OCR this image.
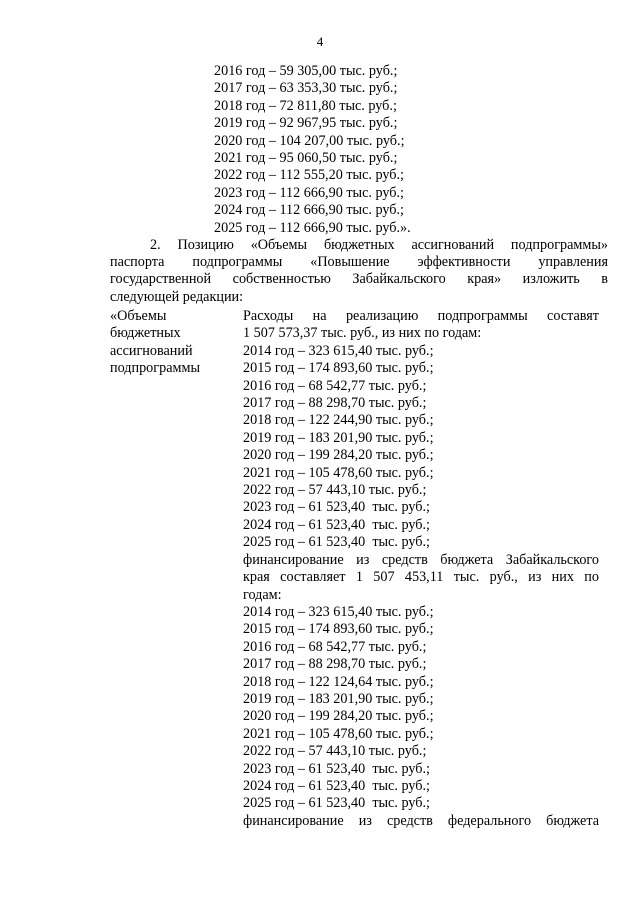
4
2016 год – 59 305,00 тыс. руб.;
2017 год – 63 353,30 тыс. руб.;
2018 год – 72 811,80 тыс. руб.;
2019 год – 92 967,95 тыс. руб.;
2020 год – 104 207,00 тыс. руб.;
2021 год – 95 060,50 тыс. руб.;
2022 год – 112 555,20 тыс. руб.;
2023 год – 112 666,90 тыс. руб.;
2024 год – 112 666,90 тыс. руб.;
2025 год – 112 666,90 тыс. руб.».
2. Позицию «Объемы бюджетных ассигнований подпрограммы»
паспорта подпрограммы «Повышение эффективности управления
государственной собственностью Забайкальского края» изложить в
следующей редакции:
«Объемы
бюджетных
ассигнований
подпрограммы
Расходы на реализацию подпрограммы составят
1 507 573,37 тыс. руб., из них по годам:
2014 год – 323 615,40 тыс. руб.;
2015 год – 174 893,60 тыс. руб.;
2016 год – 68 542,77 тыс. руб.;
2017 год – 88 298,70 тыс. руб.;
2018 год – 122 244,90 тыс. руб.;
2019 год – 183 201,90 тыс. руб.;
2020 год – 199 284,20 тыс. руб.;
2021 год – 105 478,60 тыс. руб.;
2022 год – 57 443,10 тыс. руб.;
2023 год – 61 523,40  тыс. руб.;
2024 год – 61 523,40  тыс. руб.;
2025 год – 61 523,40  тыс. руб.;
финансирование из средств бюджета Забайкальского
края составляет 1 507 453,11 тыс. руб., из них по
годам:
2014 год – 323 615,40 тыс. руб.;
2015 год – 174 893,60 тыс. руб.;
2016 год – 68 542,77 тыс. руб.;
2017 год – 88 298,70 тыс. руб.;
2018 год – 122 124,64 тыс. руб.;
2019 год – 183 201,90 тыс. руб.;
2020 год – 199 284,20 тыс. руб.;
2021 год – 105 478,60 тыс. руб.;
2022 год – 57 443,10 тыс. руб.;
2023 год – 61 523,40  тыс. руб.;
2024 год – 61 523,40  тыс. руб.;
2025 год – 61 523,40  тыс. руб.;
финансирование из средств федерального бюджета
